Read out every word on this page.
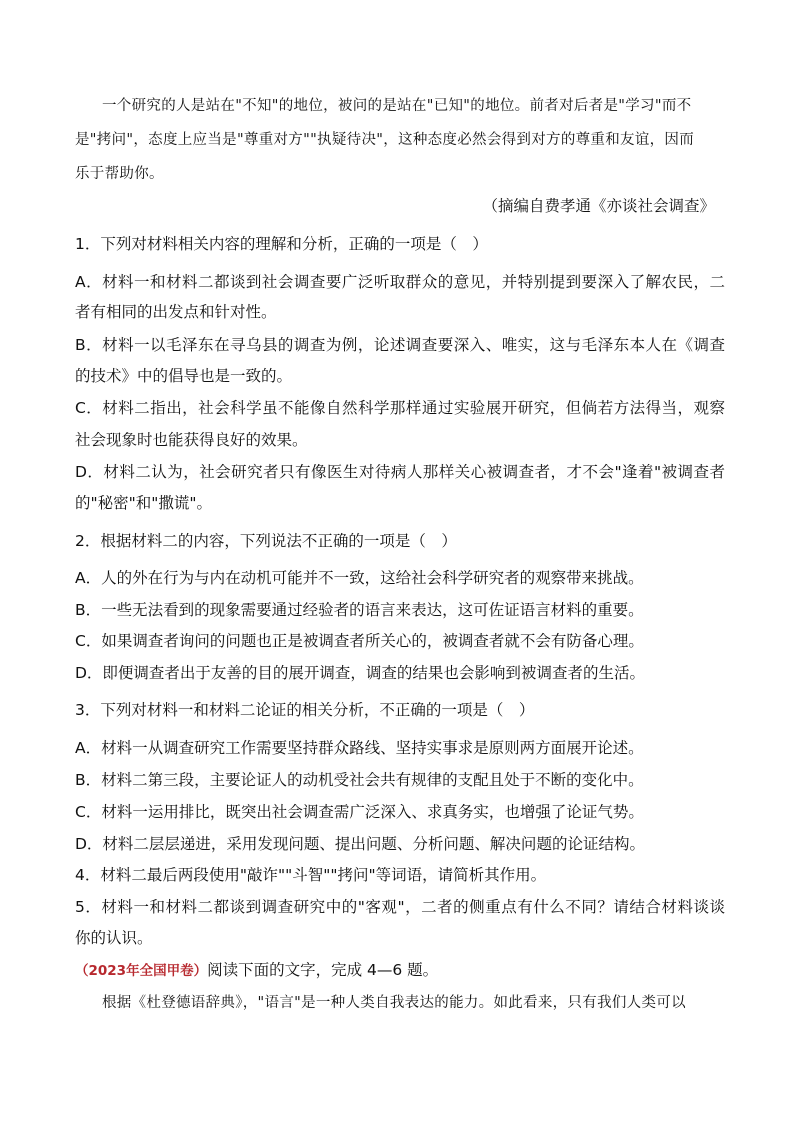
一个研究的人是站在"不知"的地位，被问的是站在"已知"的地位。前者对后者是"学习"而不
是"拷问"，态度上应当是"尊重对方""执疑待决"，这种态度必然会得到对方的尊重和友谊，因而
乐于帮助你。
（摘编自费孝通《亦谈社会调查》
1．下列对材料相关内容的理解和分析，正确的一项是（　）
A．材料一和材料二都谈到社会调查要广泛听取群众的意见，并特别提到要深入了解农民，二
者有相同的出发点和针对性。
B．材料一以毛泽东在寻乌县的调查为例，论述调查要深入、唯实，这与毛泽东本人在《调查
的技术》中的倡导也是一致的。
C．材料二指出，社会科学虽不能像自然科学那样通过实验展开研究，但倘若方法得当，观察
社会现象时也能获得良好的效果。
D．材料二认为，社会研究者只有像医生对待病人那样关心被调查者，才不会"逢着"被调查者
的"秘密"和"撒谎"。
2．根据材料二的内容，下列说法不正确的一项是（　）
A．人的外在行为与内在动机可能并不一致，这给社会科学研究者的观察带来挑战。
B．一些无法看到的现象需要通过经验者的语言来表达，这可佐证语言材料的重要。
C．如果调查者询问的问题也正是被调查者所关心的，被调查者就不会有防备心理。
D．即便调查者出于友善的目的展开调查，调查的结果也会影响到被调查者的生活。
3．下列对材料一和材料二论证的相关分析，不正确的一项是（　）
A．材料一从调查研究工作需要坚持群众路线、坚持实事求是原则两方面展开论述。
B．材料二第三段，主要论证人的动机受社会共有规律的支配且处于不断的变化中。
C．材料一运用排比，既突出社会调查需广泛深入、求真务实，也增强了论证气势。
D．材料二层层递进，采用发现问题、提出问题、分析问题、解决问题的论证结构。
4．材料二最后两段使用"敲诈""斗智""拷问"等词语，请简析其作用。
5．材料一和材料二都谈到调查研究中的"客观"，二者的侧重点有什么不同？请结合材料谈谈
你的认识。
（2023年全国甲卷）阅读下面的文字，完成 4—6 题。
根据《杜登德语辞典》，"语言"是一种人类自我表达的能力。如此看来，只有我们人类可以
